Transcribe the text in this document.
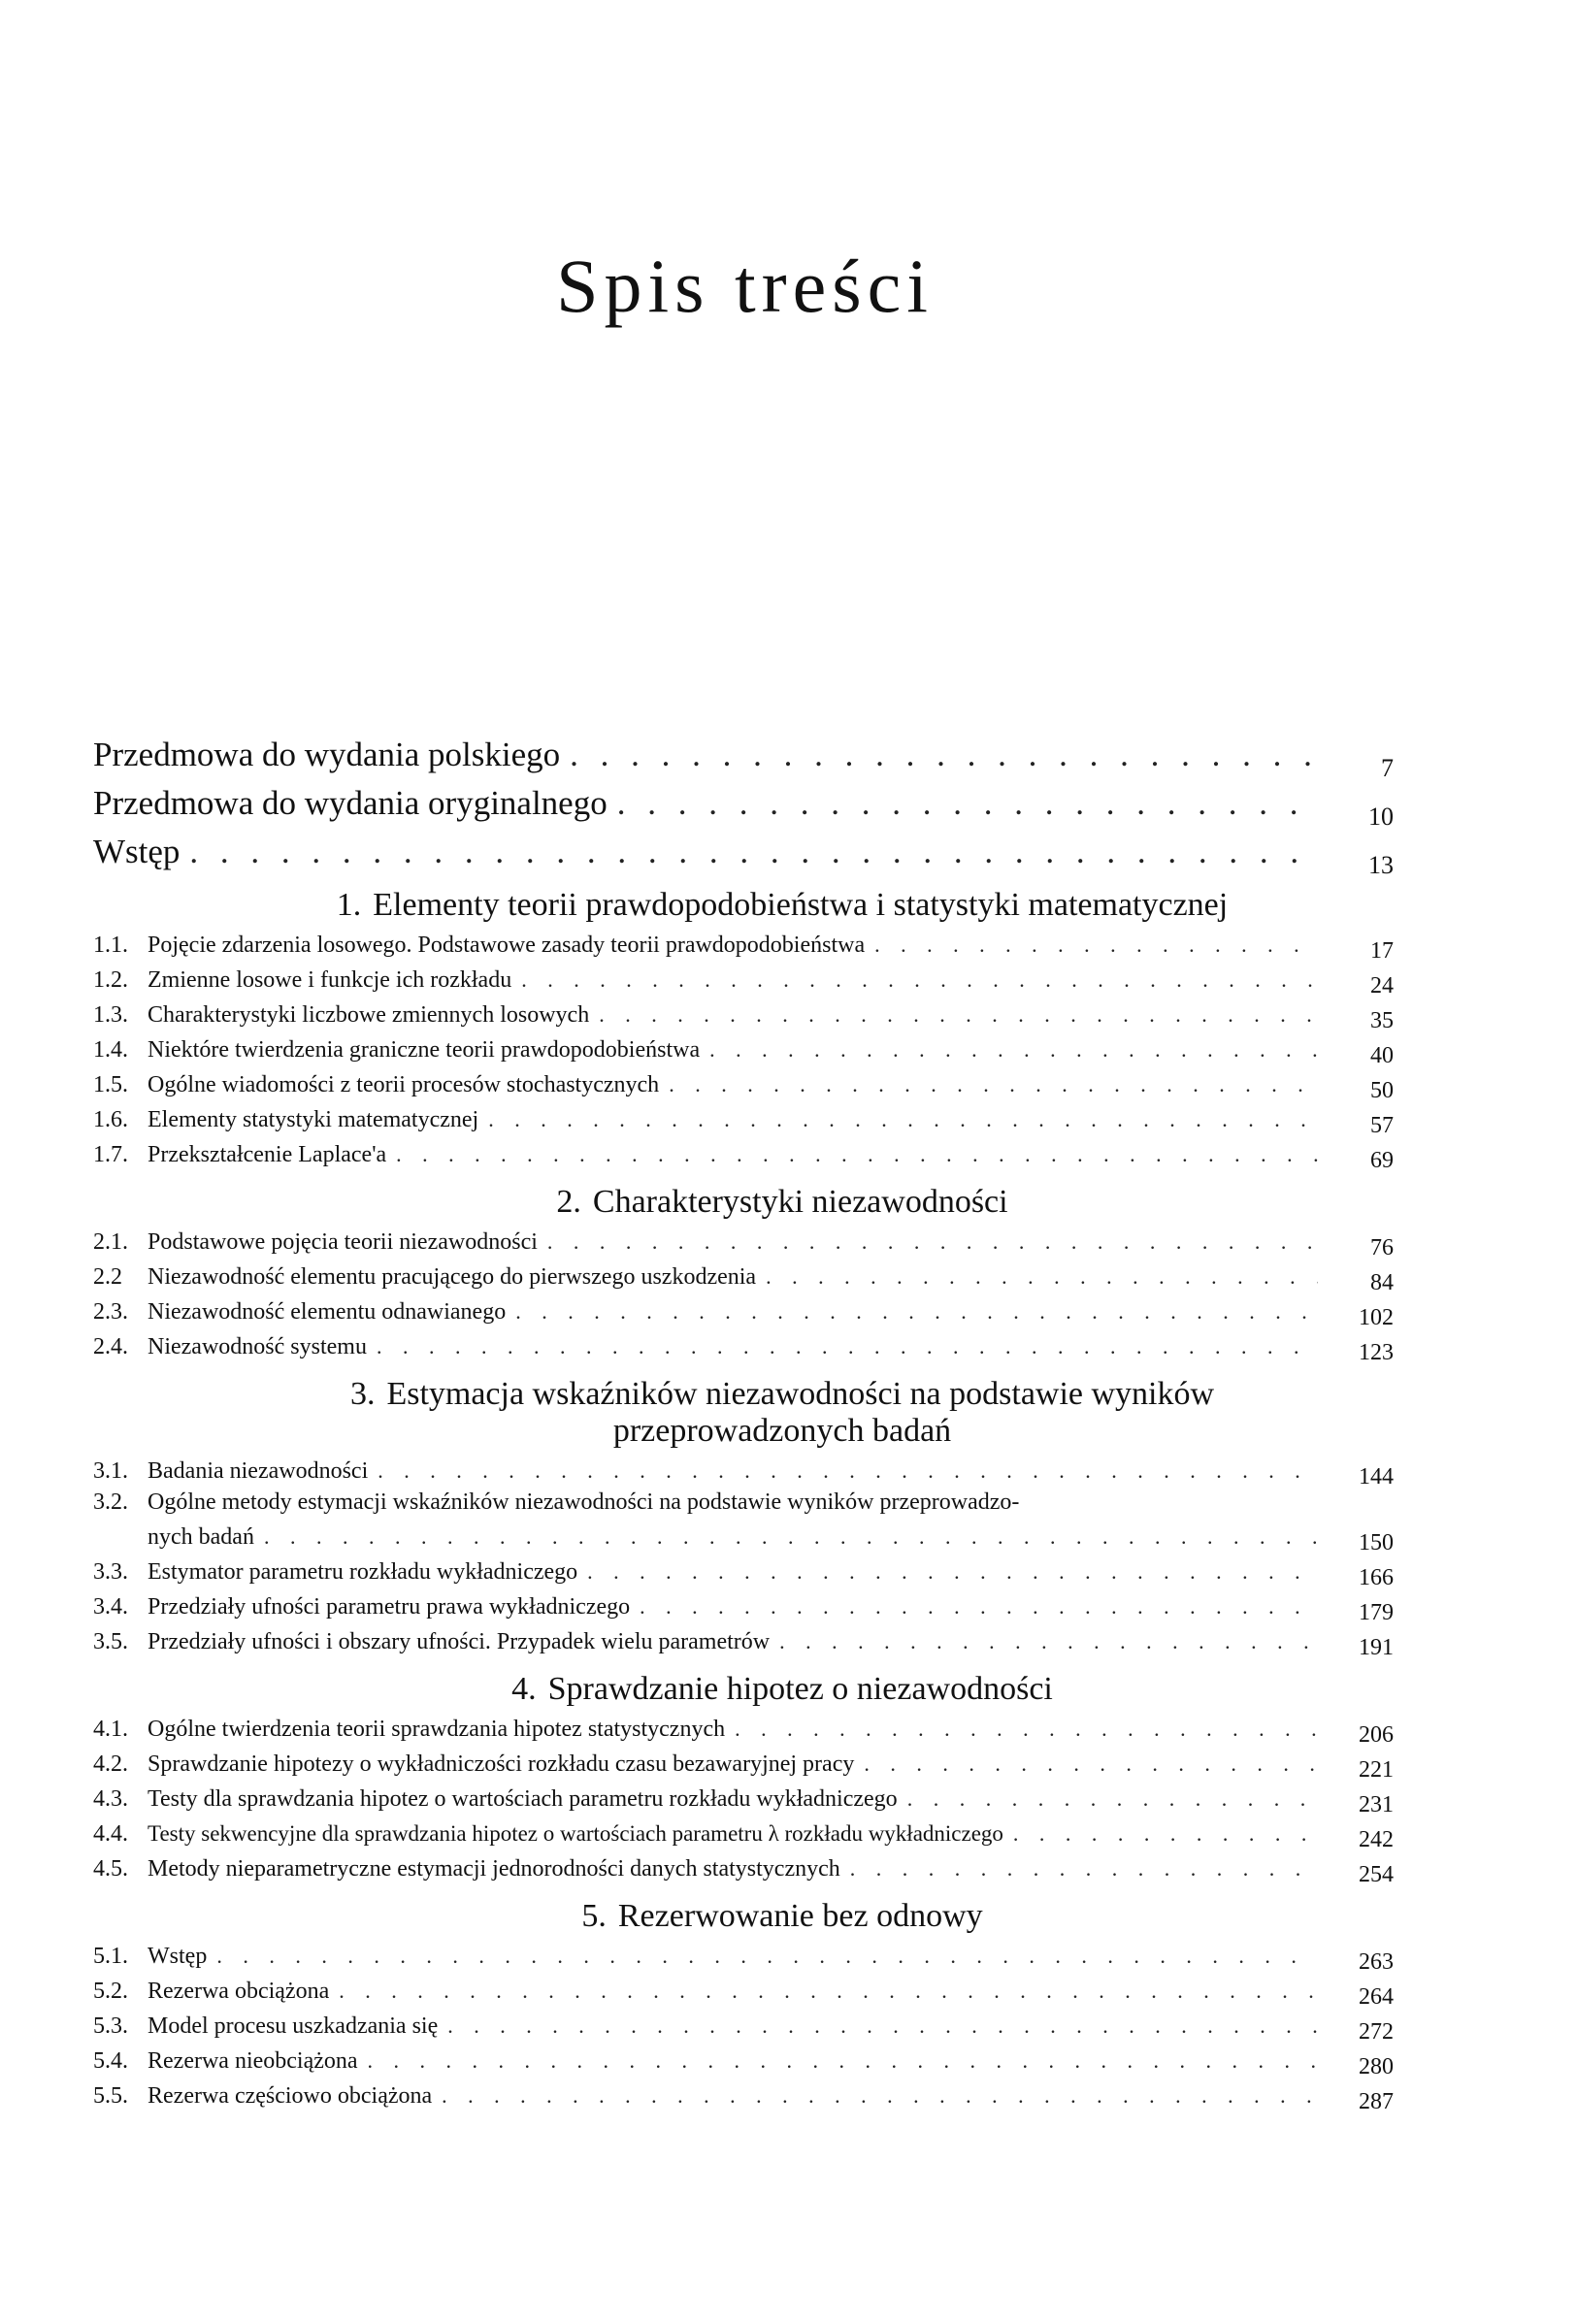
Spis treści
Przedmowa do wydania polskiego . . .	7
Przedmowa do wydania oryginalnego . . .	10
Wstęp . . .	13
1. Elementy teorii prawdopodobieństwa i statystyki matematycznej
1.1. Pojęcie zdarzenia losowego. Podstawowe zasady teorii prawdopodobieństwa . . .	17
1.2. Zmienne losowe i funkcje ich rozkładu . . .	24
1.3. Charakterystyki liczbowe zmiennych losowych . . .	35
1.4. Niektóre twierdzenia graniczne teorii prawdopodobieństwa . . .	40
1.5. Ogólne wiadomości z teorii procesów stochastycznych . . .	50
1.6. Elementy statystyki matematycznej . . .	57
1.7. Przekształcenie Laplace'a . . .	69
2. Charakterystyki niezawodności
2.1. Podstawowe pojęcia teorii niezawodności . . .	76
2.2	Niezawodność elementu pracującego do pierwszego uszkodzenia . . .	84
2.3. Niezawodność elementu odnawianego . . .	102
2.4. Niezawodność systemu . . .	123
3. Estymacja wskaźników niezawodności na podstawie wyników
przeprowadzonych badań
3.1. Badania niezawodności . . .	144
3.2. Ogólne metody estymacji wskaźników niezawodności na podstawie wyników przeprowadzo-
nych badań . . .	150
3.3. Estymator parametru rozkładu wykładniczego . . .	166
3.4. Przedziały ufności parametru prawa wykładniczego . . .	179
3.5. Przedziały ufności i obszary ufności. Przypadek wielu parametrów . . .	191
4. Sprawdzanie hipotez o niezawodności
4.1. Ogólne twierdzenia teorii sprawdzania hipotez statystycznych . . .	206
4.2. Sprawdzanie hipotezy o wykładniczości rozkładu czasu bezawaryjnej pracy . . .	221
4.3. Testy dla sprawdzania hipotez o wartościach parametru rozkładu wykładniczego . . .	231
4.4. Testy sekwencyjne dla sprawdzania hipotez o wartościach parametru λ rozkładu wykładniczego . . .	242
4.5. Metody nieparametryczne estymacji jednorodności danych statystycznych . . .	254
5. Rezerwowanie bez odnowy
5.1. Wstęp . . .	263
5.2. Rezerwa obciążona . . .	264
5.3. Model procesu uszkadzania się . . .	272
5.4. Rezerwa nieobciążona . . .	280
5.5. Rezerwa częściowo obciążona . . .	287
